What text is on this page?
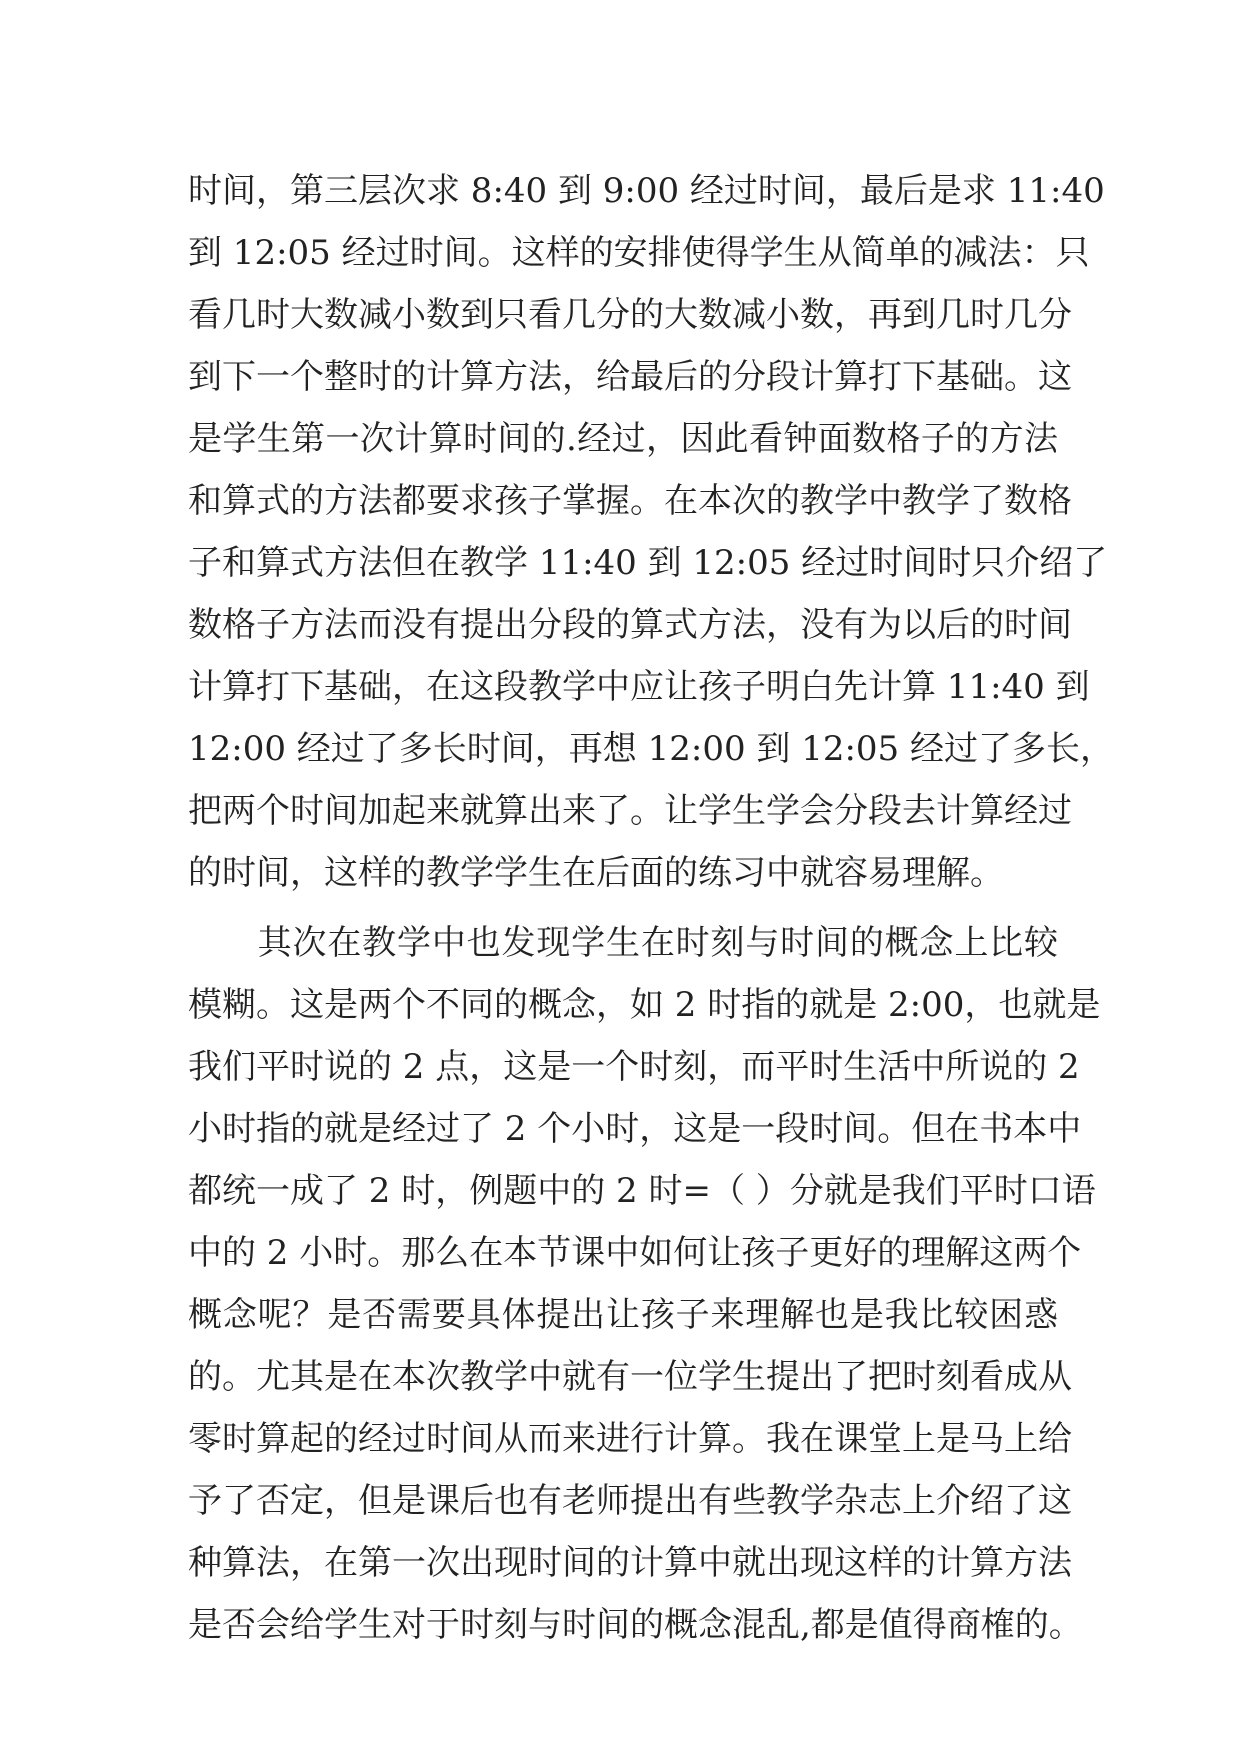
时间，第三层次求 8:40 到 9:00 经过时间，最后是求 11:40
到 12:05 经过时间。这样的安排使得学生从简单的减法：只
看几时大数减小数到只看几分的大数减小数，再到几时几分
到下一个整时的计算方法，给最后的分段计算打下基础。这
是学生第一次计算时间的.经过，因此看钟面数格子的方法
和算式的方法都要求孩子掌握。在本次的教学中教学了数格
子和算式方法但在教学 11:40 到 12:05 经过时间时只介绍了
数格子方法而没有提出分段的算式方法，没有为以后的时间
计算打下基础，在这段教学中应让孩子明白先计算 11:40 到
12:00 经过了多长时间，再想 12:00 到 12:05 经过了多长，
把两个时间加起来就算出来了。让学生学会分段去计算经过
的时间，这样的教学学生在后面的练习中就容易理解。
　　其次在教学中也发现学生在时刻与时间的概念上比较
模糊。这是两个不同的概念，如 2 时指的就是 2:00，也就是
我们平时说的 2 点，这是一个时刻，而平时生活中所说的 2
小时指的就是经过了 2 个小时，这是一段时间。但在书本中
都统一成了 2 时，例题中的 2 时=（ ）分就是我们平时口语
中的 2 小时。那么在本节课中如何让孩子更好的理解这两个
概念呢？是否需要具体提出让孩子来理解也是我比较困惑
的。尤其是在本次教学中就有一位学生提出了把时刻看成从
零时算起的经过时间从而来进行计算。我在课堂上是马上给
予了否定，但是课后也有老师提出有些教学杂志上介绍了这
种算法，在第一次出现时间的计算中就出现这样的计算方法
是否会给学生对于时刻与时间的概念混乱,都是值得商榷的。
